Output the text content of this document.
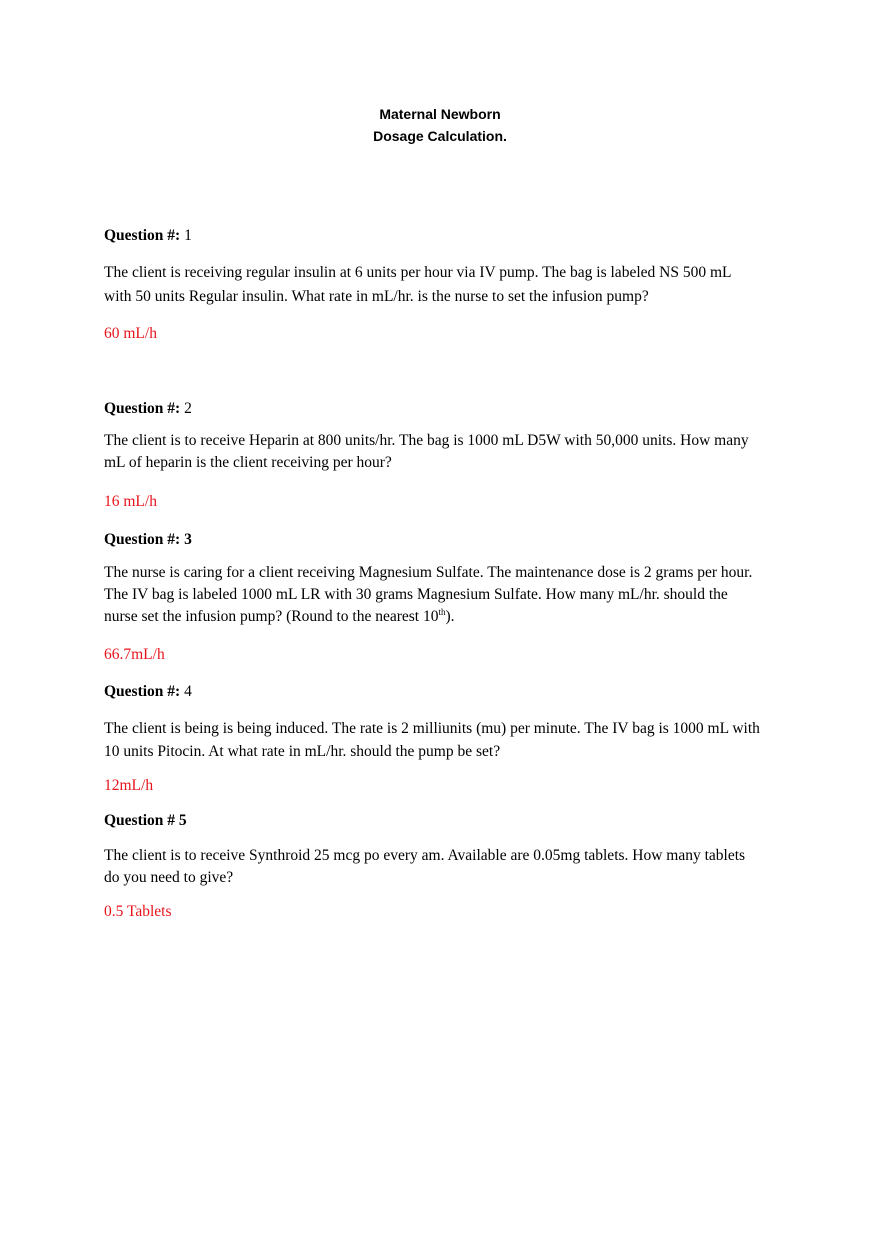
Maternal Newborn
Dosage Calculation.
Question #: 1
The client is receiving regular insulin at 6 units per hour via IV pump. The bag is labeled NS 500 mL
with 50 units Regular insulin. What rate in mL/hr. is the nurse to set the infusion pump?
60 mL/h
Question #: 2
The client is to receive Heparin at 800 units/hr. The bag is 1000 mL D5W with 50,000 units. How many
mL of heparin is the client receiving per hour?
16 mL/h
Question #: 3
The nurse is caring for a client receiving Magnesium Sulfate. The maintenance dose is 2 grams per hour.
The IV bag is labeled 1000 mL LR with 30 grams Magnesium Sulfate. How many mL/hr. should the
nurse set the infusion pump? (Round to the nearest 10th).
66.7mL/h
Question #: 4
The client is being is being induced. The rate is 2 milliunits (mu) per minute. The IV bag is 1000 mL with
10 units Pitocin. At what rate in mL/hr. should the pump be set?
12mL/h
Question # 5
The client is to receive Synthroid 25 mcg po every am. Available are 0.05mg tablets. How many tablets
do you need to give?
0.5 Tablets
